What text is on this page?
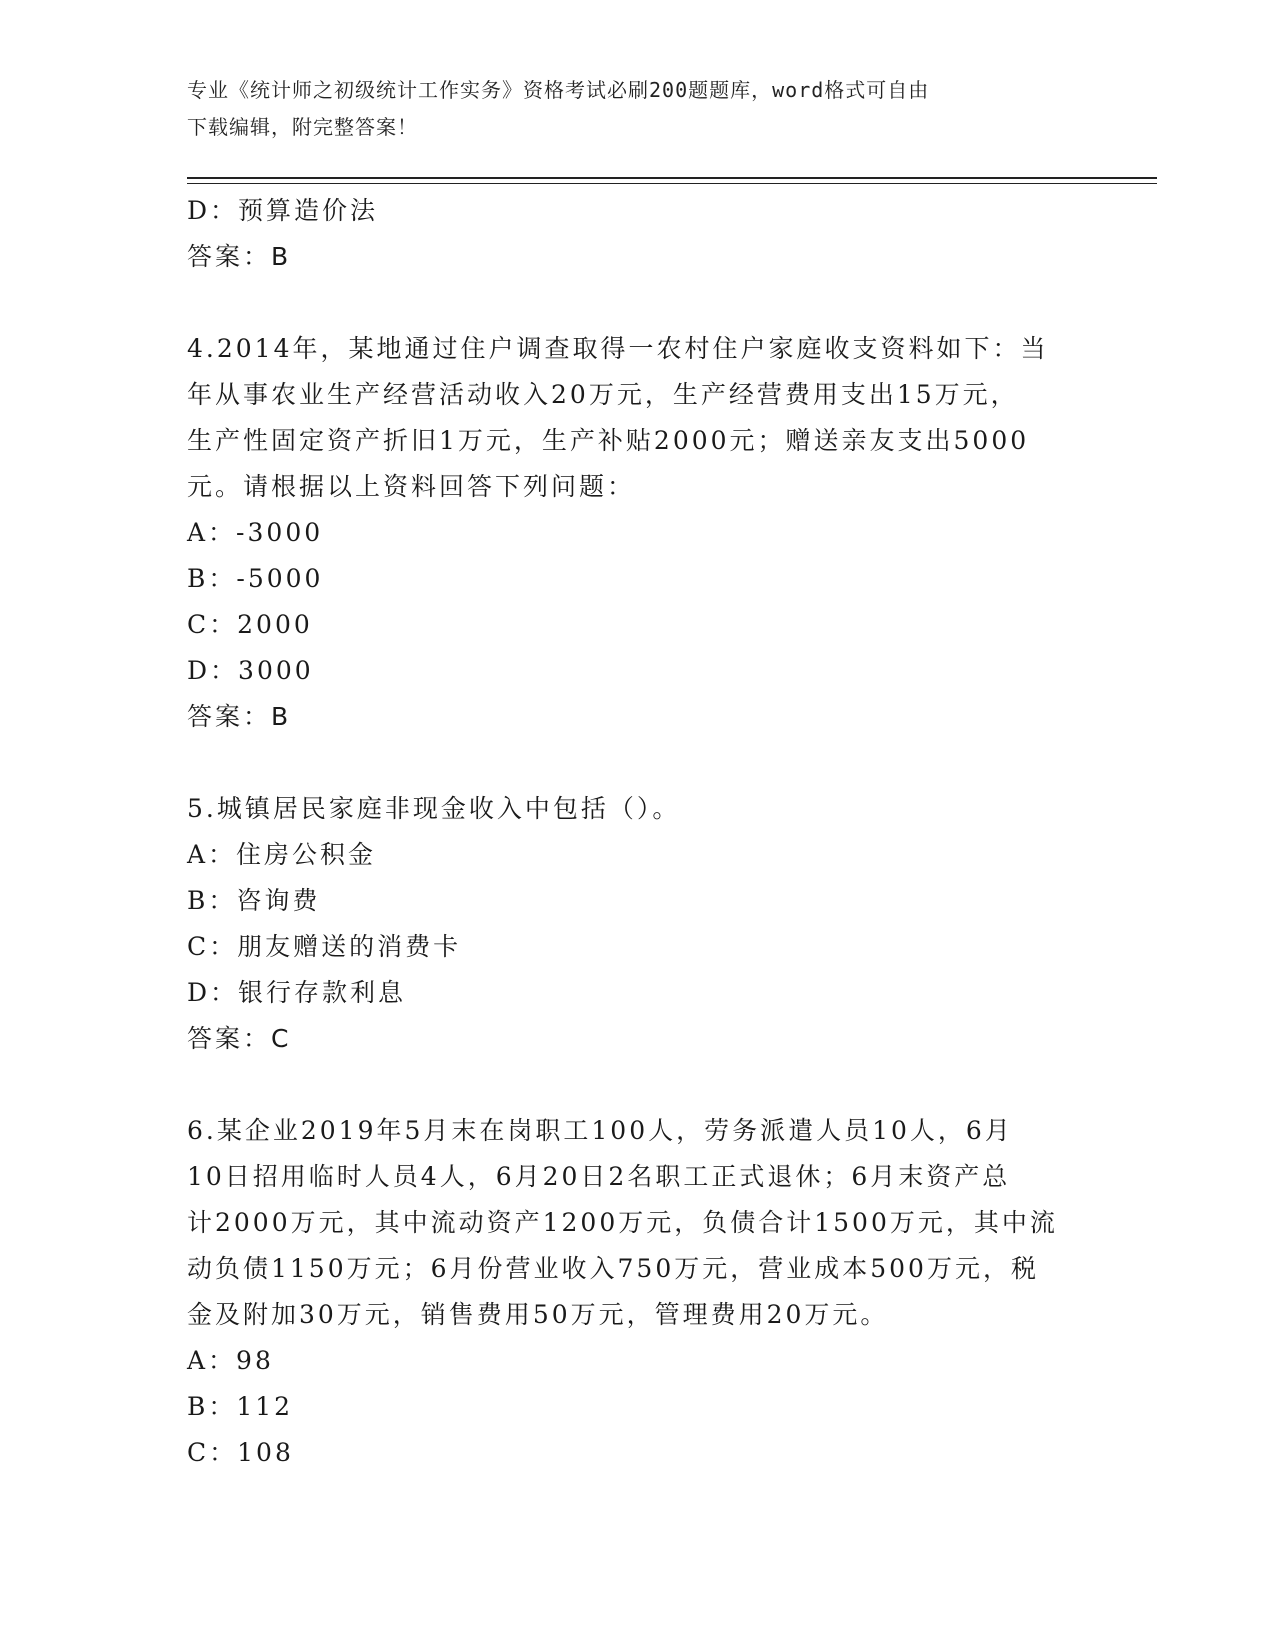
专业《统计师之初级统计工作实务》资格考试必刷200题题库，word格式可自由
下载编辑，附完整答案！
D：预算造价法
答案：B
4.2014年，某地通过住户调查取得一农村住户家庭收支资料如下：当
年从事农业生产经营活动收入20万元，生产经营费用支出15万元，
生产性固定资产折旧1万元，生产补贴2000元；赠送亲友支出5000
元。请根据以上资料回答下列问题：
A：-3000
B：-5000
C：2000
D：3000
答案：B
5.城镇居民家庭非现金收入中包括（）。
A：住房公积金
B：咨询费
C：朋友赠送的消费卡
D：银行存款利息
答案：C
6.某企业2019年5月末在岗职工100人，劳务派遣人员10人，6月
10日招用临时人员4人，6月20日2名职工正式退休；6月末资产总
计2000万元，其中流动资产1200万元，负债合计1500万元，其中流
动负债1150万元；6月份营业收入750万元，营业成本500万元，税
金及附加30万元，销售费用50万元，管理费用20万元。
A：98
B：112
C：108
